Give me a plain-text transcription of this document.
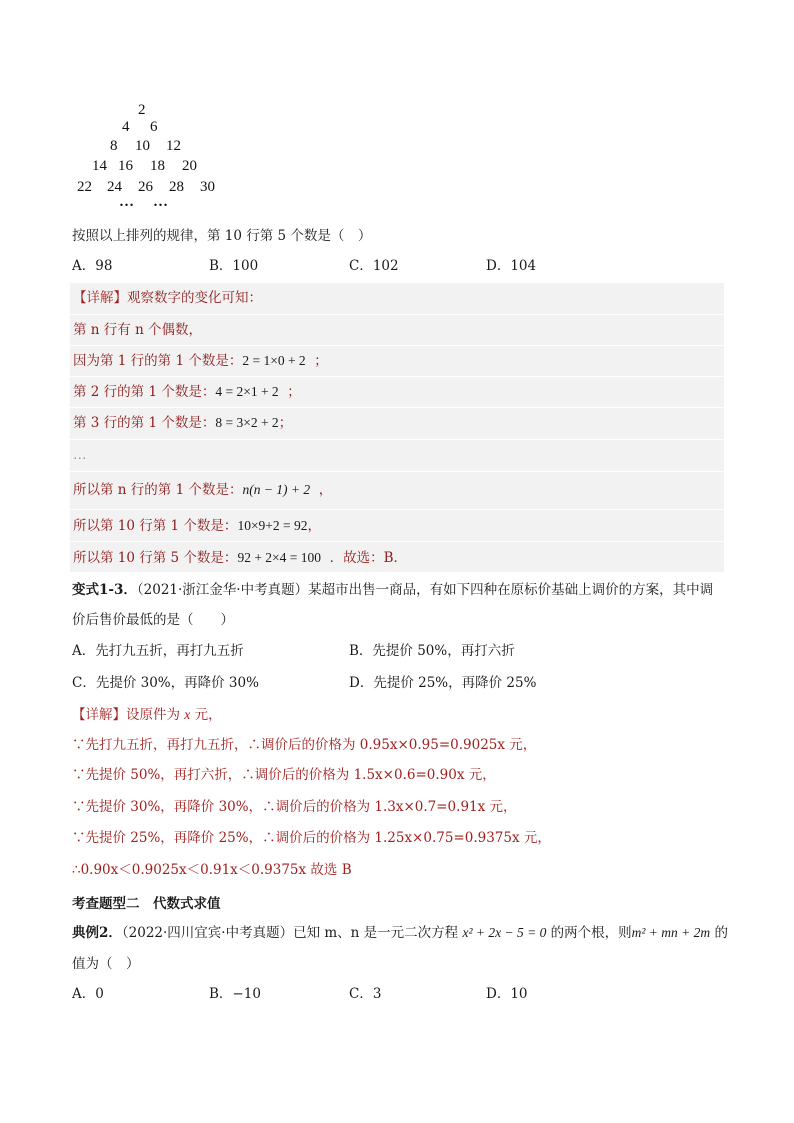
2
4 6
8 10 12
14 16 18 20
22 24 26 28 30
… …
按照以上排列的规律，第 10 行第 5 个数是（　）
A．98	B．100	C．102	D．104
【详解】观察数字的变化可知：
第 n 行有 n 个偶数，
因为第 1 行的第 1 个数是：2 = 1×0 + 2 ；
第 2 行的第 1 个数是：4 = 2×1 + 2 ；
第 3 行的第 1 个数是：8 = 3×2 + 2；
…
所以第 n 行的第 1 个数是：n(n − 1) + 2 ，
所以第 10 行第 1 个数是：10×9+2 = 92，
所以第 10 行第 5 个数是：92 + 2×4 = 100 ．故选：B．
变式1-3．（2021·浙江金华·中考真题）某超市出售一商品，有如下四种在原标价基础上调价的方案，其中调
价后售价最低的是（　　）
A．先打九五折，再打九五折	B．先提价 50%，再打六折
C．先提价 30%，再降价 30%	D．先提价 25%，再降价 25%
【详解】设原件为 x 元，
∵先打九五折，再打九五折，∴调价后的价格为 0.95x×0.95=0.9025x 元，
∵先提价 50%，再打六折，∴调价后的价格为 1.5x×0.6=0.90x 元，
∵先提价 30%，再降价 30%，∴调价后的价格为 1.3x×0.7=0.91x 元，
∵先提价 25%，再降价 25%，∴调价后的价格为 1.25x×0.75=0.9375x 元，
∴0.90x＜0.9025x＜0.91x＜0.9375x 故选 B
考查题型二　代数式求值
典例2．（2022·四川宜宾·中考真题）已知 m、n 是一元二次方程 x² + 2x − 5 = 0 的两个根，则m² + mn + 2m 的
值为（　）
A．0	B．−10	C．3	D．10
